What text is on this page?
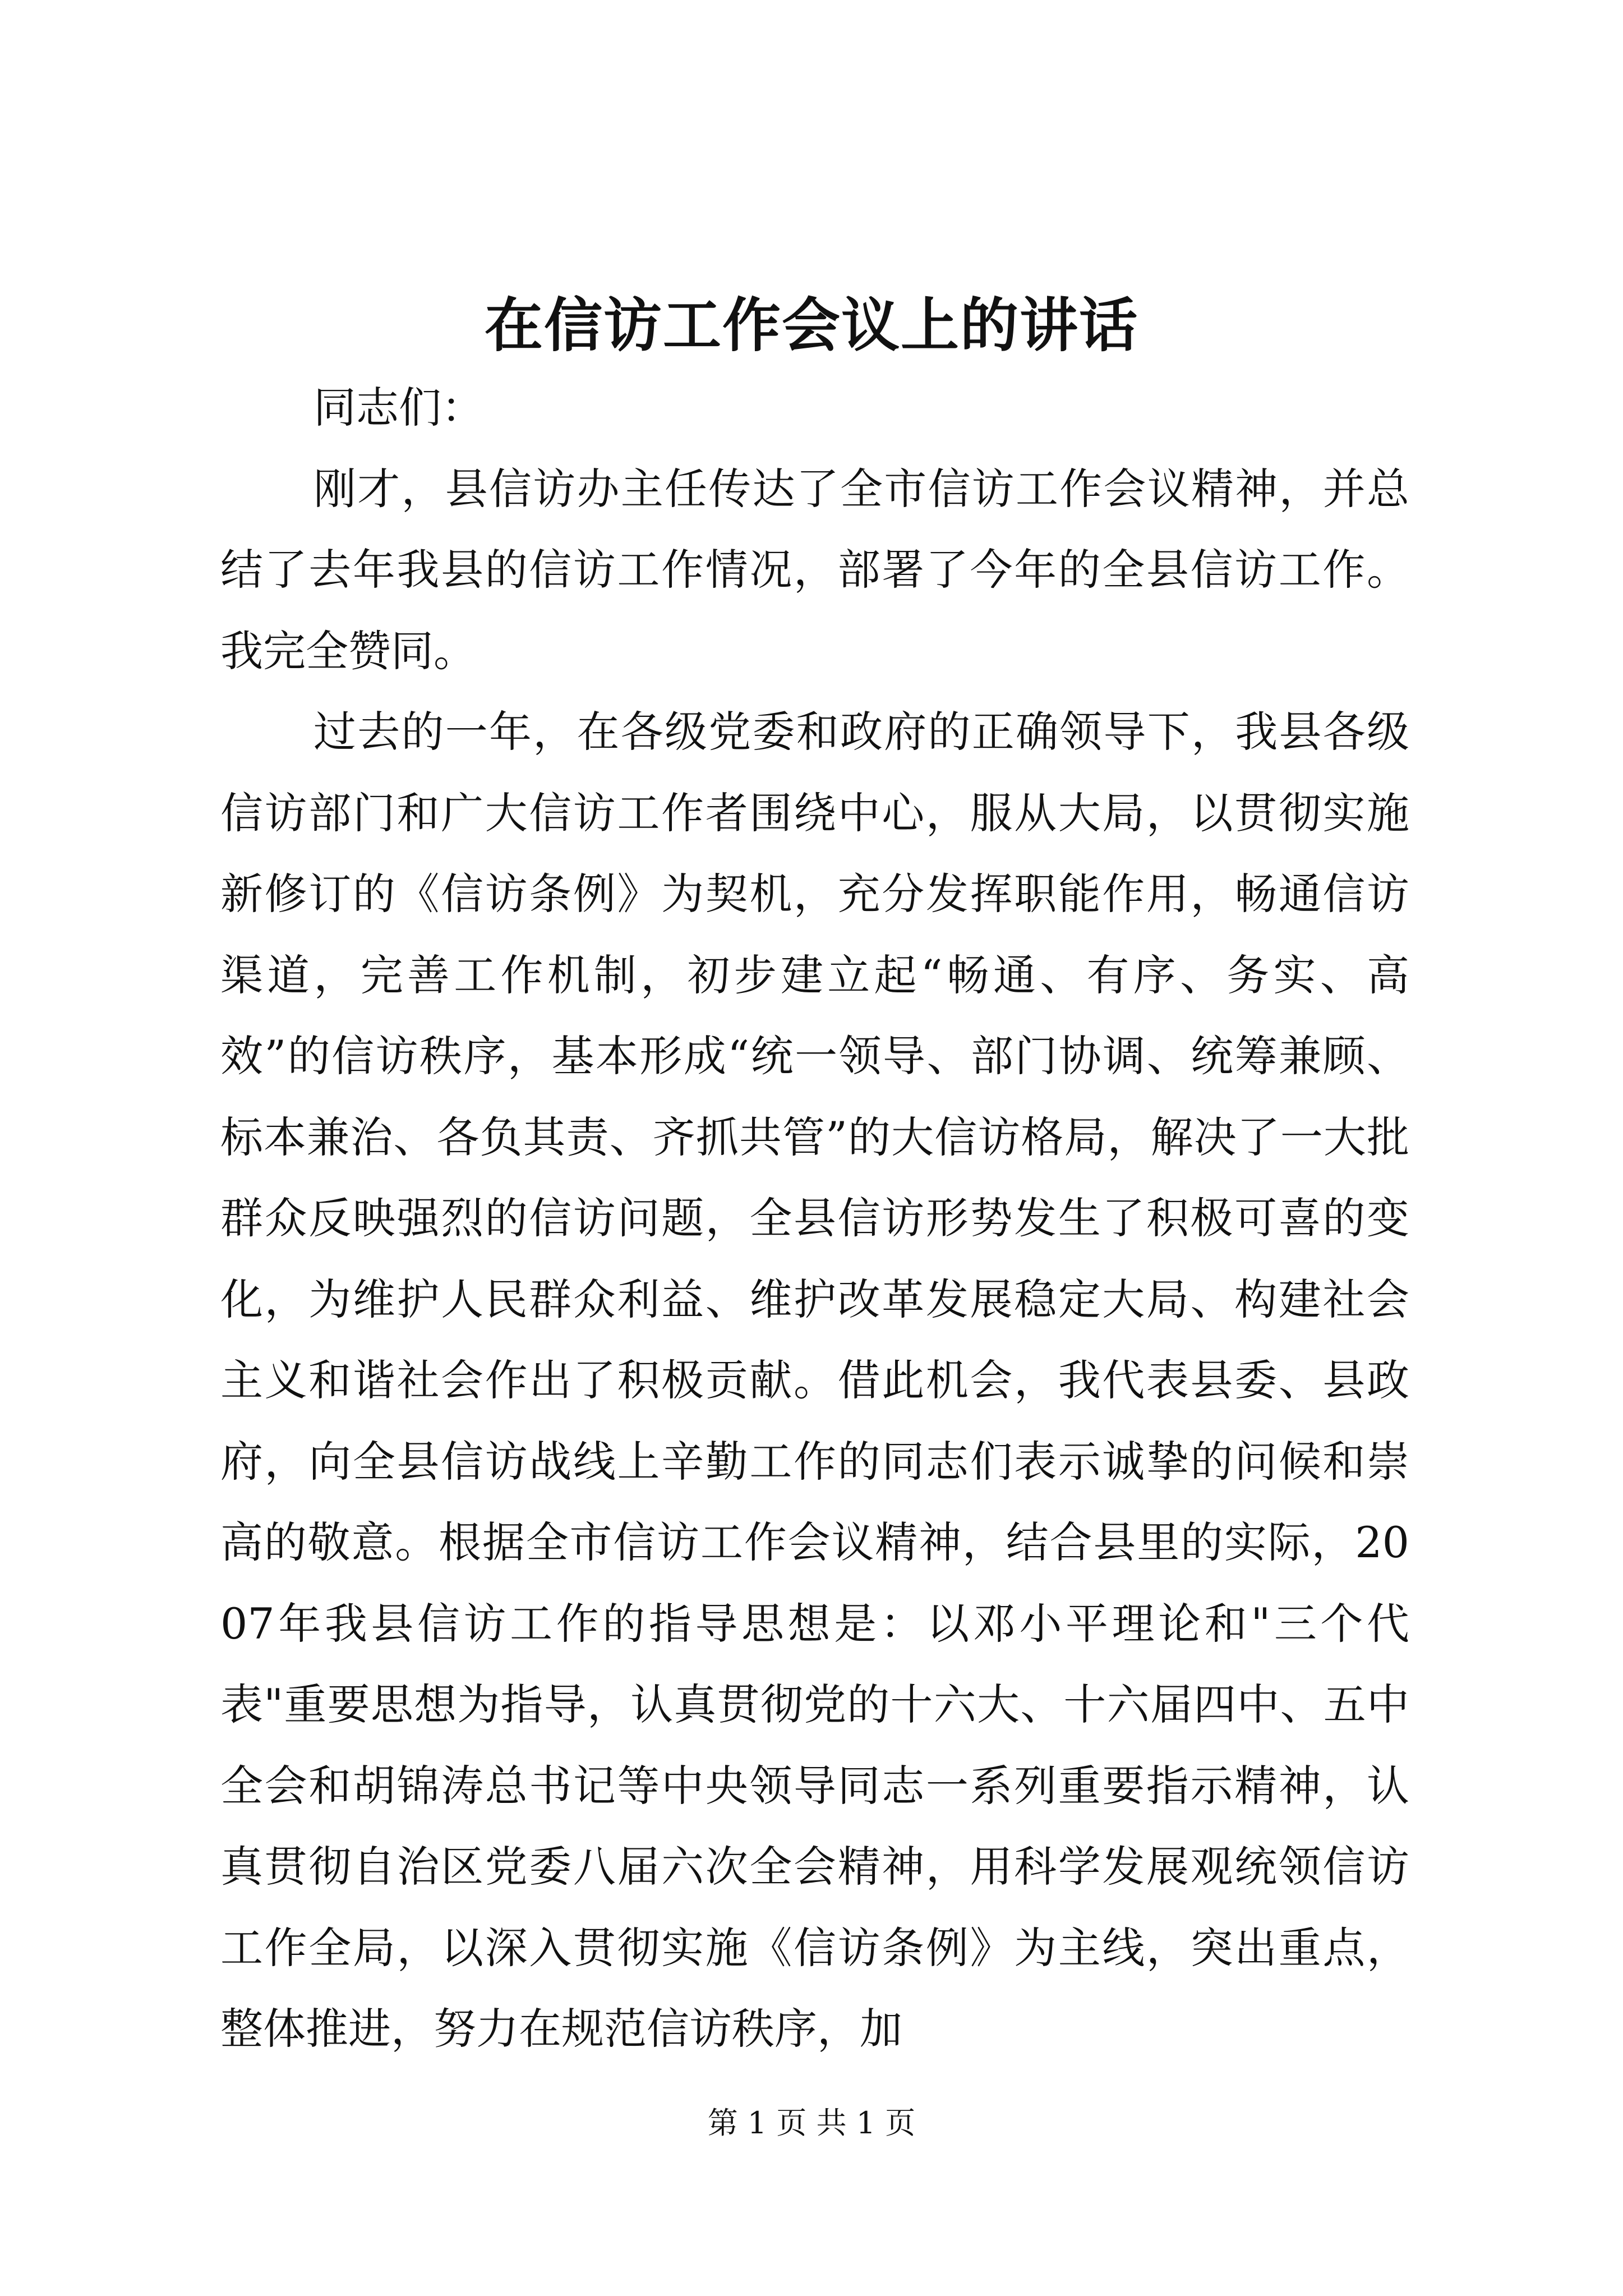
在信访工作会议上的讲话

同志们：

刚才，县信访办主任传达了全市信访工作会议精神，并总结了去年我县的信访工作情况，部署了今年的全县信访工作。我完全赞同。

过去的一年，在各级党委和政府的正确领导下，我县各级信访部门和广大信访工作者围绕中心，服从大局，以贯彻实施新修订的《信访条例》为契机，充分发挥职能作用，畅通信访渠道，完善工作机制，初步建立起“畅通、有序、务实、高效”的信访秩序，基本形成“统一领导、部门协调、统筹兼顾、标本兼治、各负其责、齐抓共管”的大信访格局，解决了一大批群众反映强烈的信访问题，全县信访形势发生了积极可喜的变化，为维护人民群众利益、维护改革发展稳定大局、构建社会主义和谐社会作出了积极贡献。借此机会，我代表县委、县政府，向全县信访战线上辛勤工作的同志们表示诚挚的问候和崇高的敬意。根据全市信访工作会议精神，结合县里的实际，2007年我县信访工作的指导思想是：以邓小平理论和"三个代表"重要思想为指导，认真贯彻党的十六大、十六届四中、五中全会和胡锦涛总书记等中央领导同志一系列重要指示精神，认真贯彻自治区党委八届六次全会精神，用科学发展观统领信访工作全局，以深入贯彻实施《信访条例》为主线，突出重点，整体推进，努力在规范信访秩序，加

第 1 页 共 1 页
